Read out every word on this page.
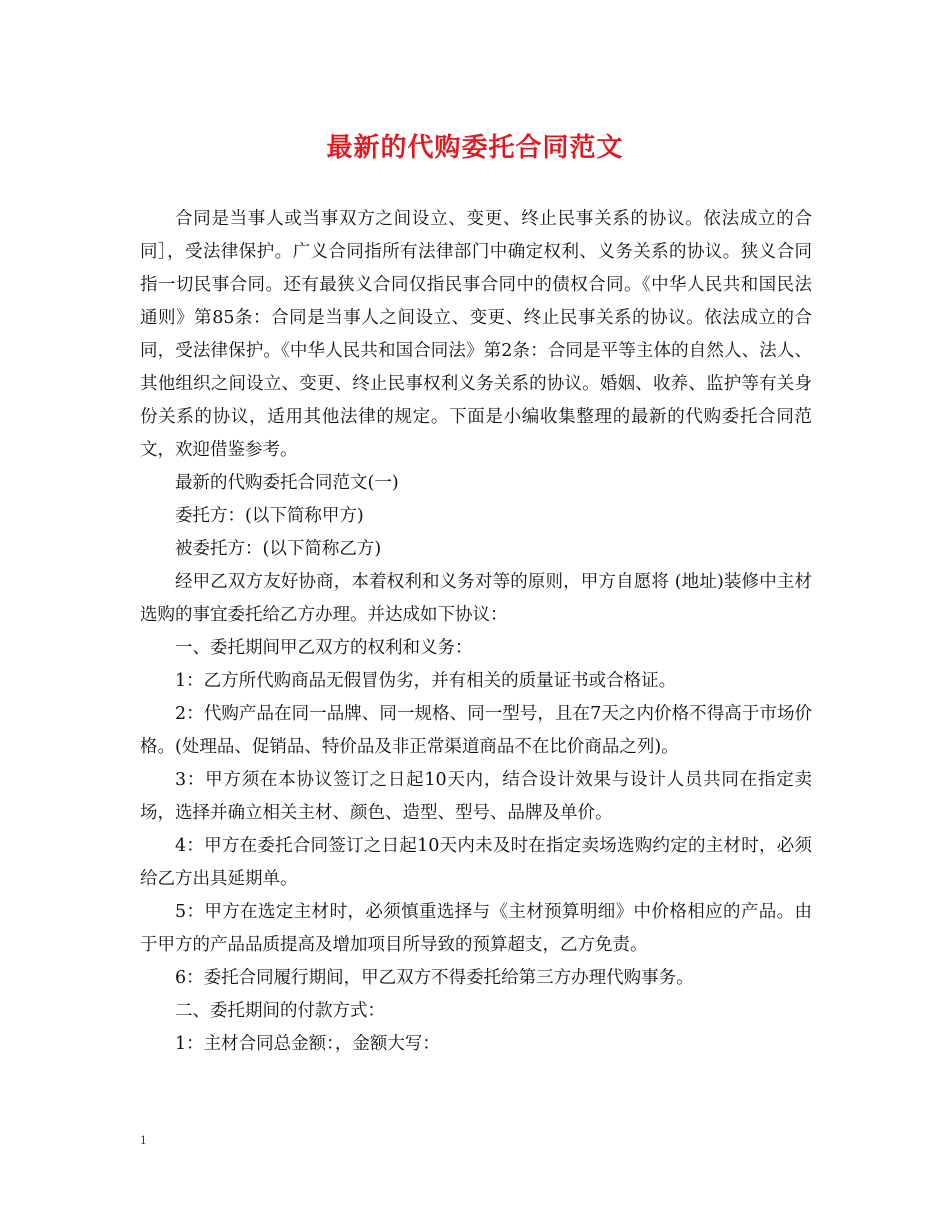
最新的代购委托合同范文

合同是当事人或当事双方之间设立、变更、终止民事关系的协议。依法成立的合同］，受法律保护。广义合同指所有法律部门中确定权利、义务关系的协议。狭义合同指一切民事合同。还有最狭义合同仅指民事合同中的债权合同。《中华人民共和国民法通则》第85条：合同是当事人之间设立、变更、终止民事关系的协议。依法成立的合同，受法律保护。《中华人民共和国合同法》第2条：合同是平等主体的自然人、法人、其他组织之间设立、变更、终止民事权利义务关系的协议。婚姻、收养、监护等有关身份关系的协议，适用其他法律的规定。下面是小编收集整理的最新的代购委托合同范文，欢迎借鉴参考。

最新的代购委托合同范文(一)

委托方：(以下简称甲方)

被委托方：(以下简称乙方)

经甲乙双方友好协商，本着权利和义务对等的原则，甲方自愿将 (地址)装修中主材选购的事宜委托给乙方办理。并达成如下协议：

一、委托期间甲乙双方的权利和义务：

1：乙方所代购商品无假冒伪劣，并有相关的质量证书或合格证。

2：代购产品在同一品牌、同一规格、同一型号，且在7天之内价格不得高于市场价格。(处理品、促销品、特价品及非正常渠道商品不在比价商品之列)。

3：甲方须在本协议签订之日起10天内，结合设计效果与设计人员共同在指定卖场，选择并确立相关主材、颜色、造型、型号、品牌及单价。

4：甲方在委托合同签订之日起10天内未及时在指定卖场选购约定的主材时，必须给乙方出具延期单。

5：甲方在选定主材时，必须慎重选择与《主材预算明细》中价格相应的产品。由于甲方的产品品质提高及增加项目所导致的预算超支，乙方免责。

6：委托合同履行期间，甲乙双方不得委托给第三方办理代购事务。

二、委托期间的付款方式：

1：主材合同总金额：，金额大写：

1
